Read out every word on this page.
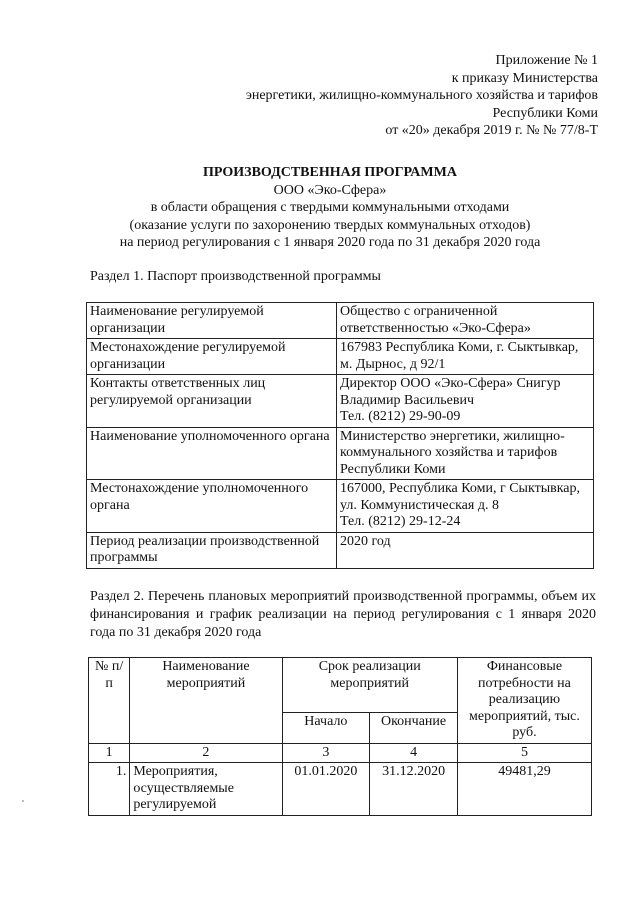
Приложение № 1
к приказу Министерства
энергетики, жилищно-коммунального хозяйства и тарифов
Республики Коми
от «20» декабря 2019 г. № № 77/8-Т
ПРОИЗВОДСТВЕННАЯ ПРОГРАММА
ООО «Эко-Сфера»
в области обращения с твердыми коммунальными отходами
(оказание услуги по захоронению твердых коммунальных отходов)
на период регулирования с 1 января 2020 года по 31 декабря 2020 года
Раздел 1. Паспорт производственной программы
Наименование регулируемой организации	Общество с ограниченной ответственностью «Эко-Сфера»
Местонахождение регулируемой организации	167983 Республика Коми, г. Сыктывкар, м. Дырнос, д 92/1
Контакты ответственных лиц регулируемой организации	Директор ООО «Эко-Сфера» Снигур Владимир Васильевич
Тел. (8212) 29-90-09

Наименование уполномоченного органа	Министерство энергетики, жилищно-коммунального хозяйства и тарифов Республики Коми
Местонахождение уполномоченного органа	167000, Республика Коми, г Сыктывкар, ул. Коммунистическая д. 8
Тел. (8212) 29-12-24

Период реализации производственной программы	2020 год
Раздел 2. Перечень плановых мероприятий производственной программы, объем их финансирования и график реализации на период регулирования с 1 января 2020 года по 31 декабря 2020 года
№ п/п	Наименование мероприятий	Срок реализации мероприятий		Финансовые потребности на реализацию мероприятий, тыс. руб.
		Начало	Окончание	
1	2	3	4	5
1.	Мероприятия, осуществляемые регулируемой	01.01.2020	31.12.2020	49481,29
